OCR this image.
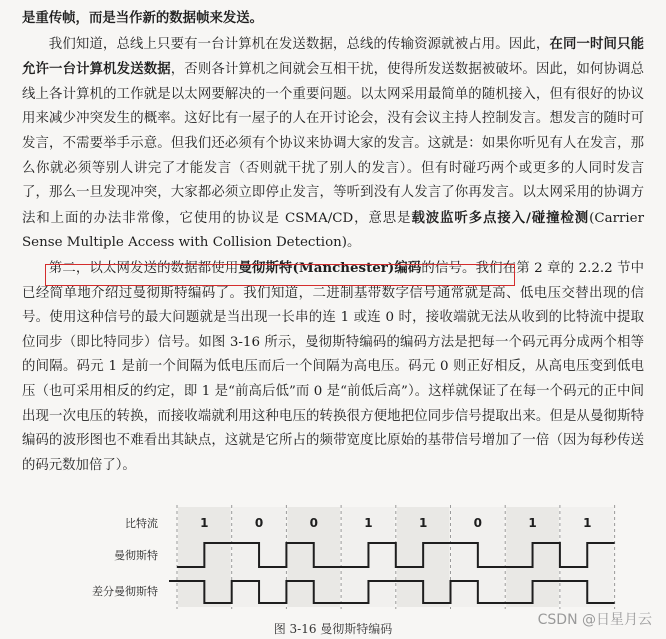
是重传帧，而是当作新的数据帧来发送。

我们知道，总线上只要有一台计算机在发送数据，总线的传输资源就被占用。因此，在同一时间只能允许一台计算机发送数据，否则各计算机之间就会互相干扰，使得所发送数据被破坏。因此，如何协调总线上各计算机的工作就是以太网要解决的一个重要问题。以太网采用最简单的随机接入，但有很好的协议用来减少冲突发生的概率。这好比有一屋子的人在开讨论会，没有会议主持人控制发言。想发言的随时可发言，不需要举手示意。但我们还必须有个协议来协调大家的发言。这就是：如果你听见有人在发言，那么你就必须等别人讲完了才能发言（否则就干扰了别人的发言）。但有时碰巧两个或更多的人同时发言了，那么一旦发现冲突，大家都必须立即停止发言，等听到没有人发言了你再发言。以太网采用的协调方法和上面的办法非常像，它使用的协议是 CSMA/CD，意思是载波监听多点接入/碰撞检测(Carrier Sense Multiple Access with Collision Detection)。

第二，以太网发送的数据都使用曼彻斯特(Manchester)编码的信号。我们在第 2 章的 2.2.2 节中已经简单地介绍过曼彻斯特编码了。我们知道，二进制基带数字信号通常就是高、低电压交替出现的信号。使用这种信号的最大问题就是当出现一长串的连 1 或连 0 时，接收端就无法从收到的比特流中提取位同步（即比特同步）信号。如图 3-16 所示，曼彻斯特编码的编码方法是把每一个码元再分成两个相等的间隔。码元 1 是前一个间隔为低电压而后一个间隔为高电压。码元 0 则正好相反，从高电压变到低电压（也可采用相反的约定，即 1 是“前高后低”而 0 是“前低后高”）。这样就保证了在每一个码元的正中间出现一次电压的转换，而接收端就利用这种电压的转换很方便地把位同步信号提取出来。但是从曼彻斯特编码的波形图也不难看出其缺点，这就是它所占的频带宽度比原始的基带信号增加了一倍（因为每秒传送的码元数加倍了）。

比特流
曼彻斯特
差分曼彻斯特
1	0	0	1	1	0	1	1
图 3-16 曼彻斯特编码
CSDN @日星月云
